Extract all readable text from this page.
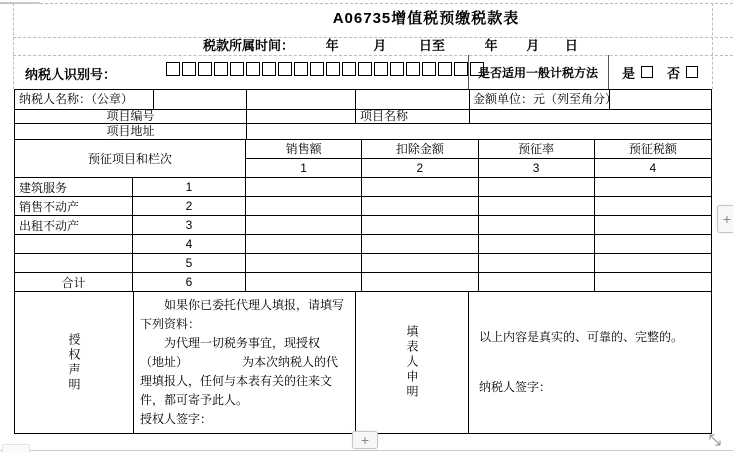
A06735增值税预缴税款表
税款所属时间： 年	月	日至	年 月 日
纳税人识别号：	是否适用一般计税方法	是 否
纳税人名称：（公章）	金额单位：元（列至角分）
项目编号	项目名称
项目地址
预征项目和栏次
销售额	扣除金额	预征率	预征税额
1	2	3	4
建筑服务	1
销售不动产	2
出租不动产	3
4
5
合计	6
授权声明

如果你已委托代理人填报，请填写下列资料：

为代理一切税务事宜，现授权

（地址）　　　　　为本次纳税人的代理填报人，任何与本表有关的往来文件，都可寄予此人。

授权人签字：

填表人申明	以上内容是真实的、可靠的、完整的。
纳税人签字：
+
+
